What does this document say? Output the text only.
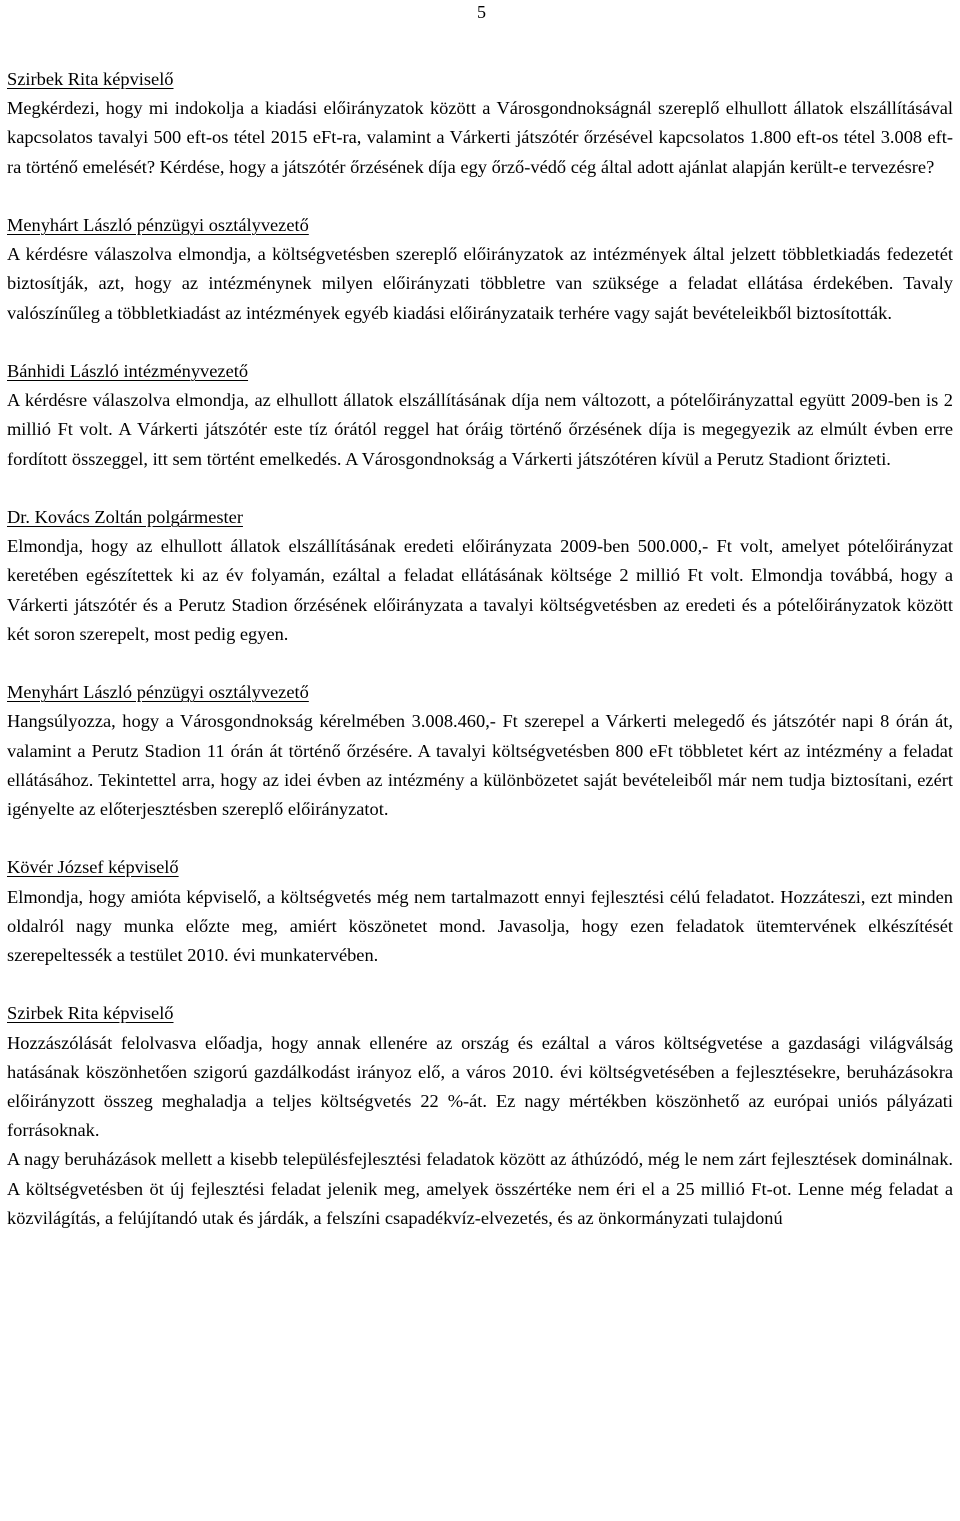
5
Szirbek Rita képviselő

Megkérdezi, hogy mi indokolja a kiadási előirányzatok között a Városgondnokságnál szereplő elhullott állatok elszállításával kapcsolatos tavalyi 500 eft-os tétel 2015 eFt-ra, valamint a Várkerti játszótér őrzésével kapcsolatos 1.800 eft-os tétel 3.008 eft-ra történő emelését? Kérdése, hogy a játszótér őrzésének díja egy őrző-védő cég által adott ajánlat alapján került-e tervezésre?

Menyhárt László pénzügyi osztályvezető

A kérdésre válaszolva elmondja, a költségvetésben szereplő előirányzatok az intézmények által jelzett többletkiadás fedezetét biztosítják, azt, hogy az intézménynek milyen előirányzati többletre van szüksége a feladat ellátása érdekében. Tavaly valószínűleg a többletkiadást az intézmények egyéb kiadási előirányzataik terhére vagy saját bevételeikből biztosították.

Bánhidi László intézményvezető

A kérdésre válaszolva elmondja, az elhullott állatok elszállításának díja nem változott, a pótelőirányzattal együtt 2009-ben is 2 millió Ft volt. A Várkerti játszótér este tíz órától reggel hat óráig történő őrzésének díja is megegyezik az elmúlt évben erre fordított összeggel, itt sem történt emelkedés. A Városgondnokság a Várkerti játszótéren kívül a Perutz Stadiont őrizteti.

Dr. Kovács Zoltán polgármester

Elmondja, hogy az elhullott állatok elszállításának eredeti előirányzata 2009-ben 500.000,- Ft volt, amelyet pótelőirányzat keretében egészítettek ki az év folyamán, ezáltal a feladat ellátásának költsége 2 millió Ft volt. Elmondja továbbá, hogy a Várkerti játszótér és a Perutz Stadion őrzésének előirányzata a tavalyi költségvetésben az eredeti és a pótelőirányzatok között két soron szerepelt, most pedig egyen.

Menyhárt László pénzügyi osztályvezető

Hangsúlyozza, hogy a Városgondnokság kérelmében 3.008.460,- Ft szerepel a Várkerti melegedő és játszótér napi 8 órán át, valamint a Perutz Stadion 11 órán át történő őrzésére. A tavalyi költségvetésben 800 eFt többletet kért az intézmény a feladat ellátásához. Tekintettel arra, hogy az idei évben az intézmény a különbözetet saját bevételeiből már nem tudja biztosítani, ezért igényelte az előterjesztésben szereplő előirányzatot.

Kövér József képviselő

Elmondja, hogy amióta képviselő, a költségvetés még nem tartalmazott ennyi fejlesztési célú feladatot. Hozzáteszi, ezt minden oldalról nagy munka előzte meg, amiért köszönetet mond. Javasolja, hogy ezen feladatok ütemtervének elkészítését szerepeltessék a testület 2010. évi munkatervében.

Szirbek Rita képviselő

Hozzászólását felolvasva előadja, hogy annak ellenére az ország és ezáltal a város költségvetése a gazdasági világválság hatásának köszönhetően szigorú gazdálkodást irányoz elő, a város 2010. évi költségvetésében a fejlesztésekre, beruházásokra előirányzott összeg meghaladja a teljes költségvetés 22 %-át. Ez nagy mértékben köszönhető az európai uniós pályázati forrásoknak.

A nagy beruházások mellett a kisebb településfejlesztési feladatok között az áthúzódó, még le nem zárt fejlesztések dominálnak. A költségvetésben öt új fejlesztési feladat jelenik meg, amelyek összértéke nem éri el a 25 millió Ft-ot. Lenne még feladat a közvilágítás, a felújítandó utak és járdák, a felszíni csapadékvíz-elvezetés, és az önkormányzati tulajdonú
